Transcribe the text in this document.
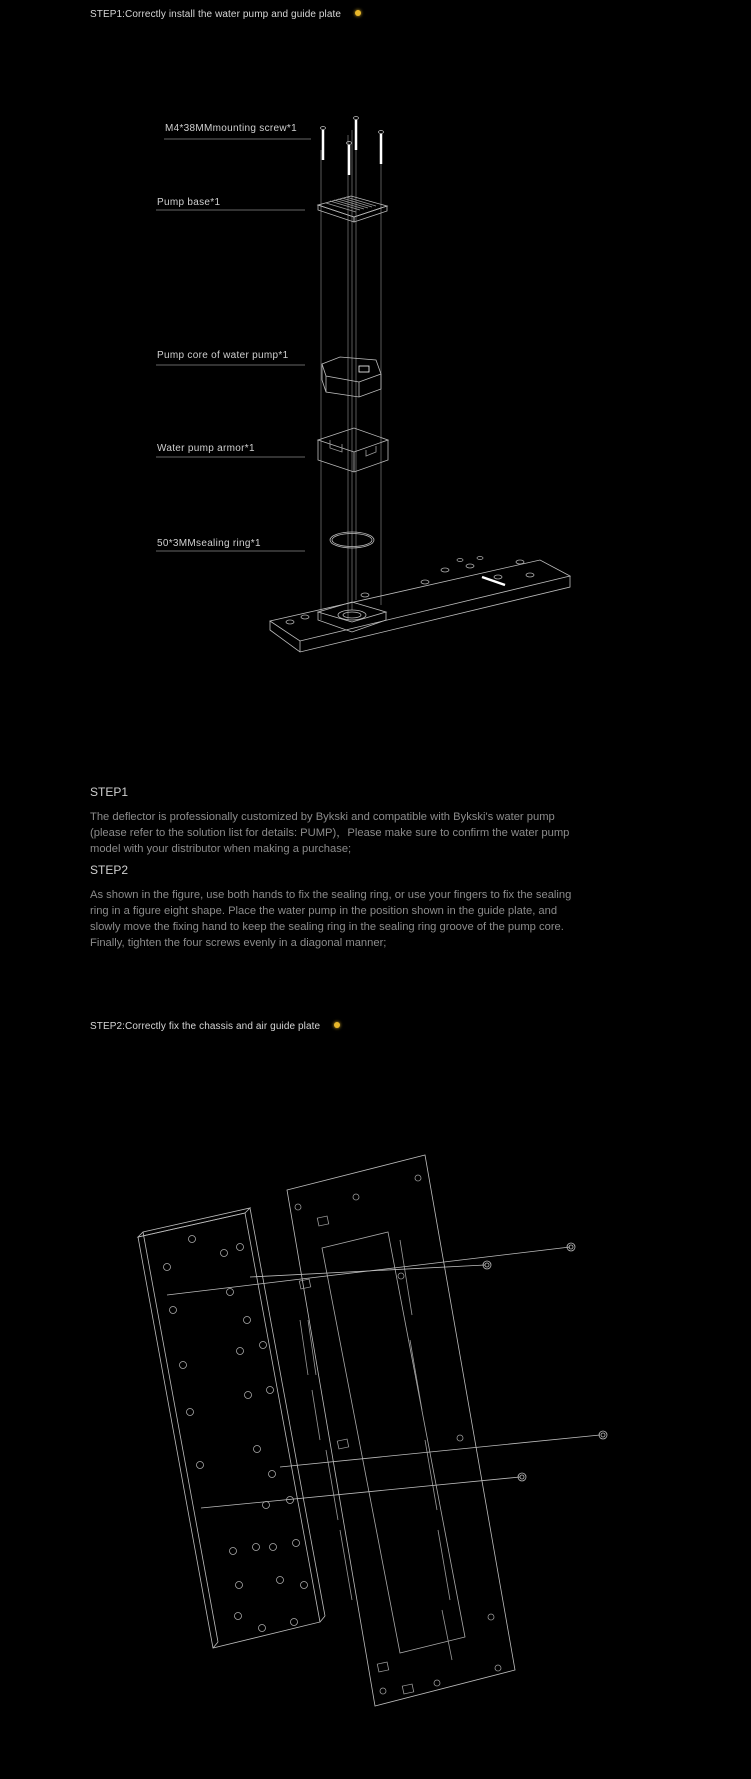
STEP1:Correctly install the water pump and guide plate
M4*38MMmounting screw*1
Pump base*1
Pump core of water pump*1
Water pump armor*1
50*3MMsealing ring*1
STEP1

The deflector is professionally customized by Bykski and compatible with Bykski's water pump (please refer to the solution list for details: PUMP)，Please make sure to confirm the water pump model with your distributor when making a purchase;

STEP2

As shown in the figure, use both hands to fix the sealing ring, or use your fingers to fix the sealing ring in a figure eight shape. Place the water pump in the position shown in the guide plate, and slowly move the fixing hand to keep the sealing ring in the sealing ring groove of the pump core. Finally, tighten the four screws evenly in a diagonal manner;

STEP2:Correctly fix the chassis and air guide plate
